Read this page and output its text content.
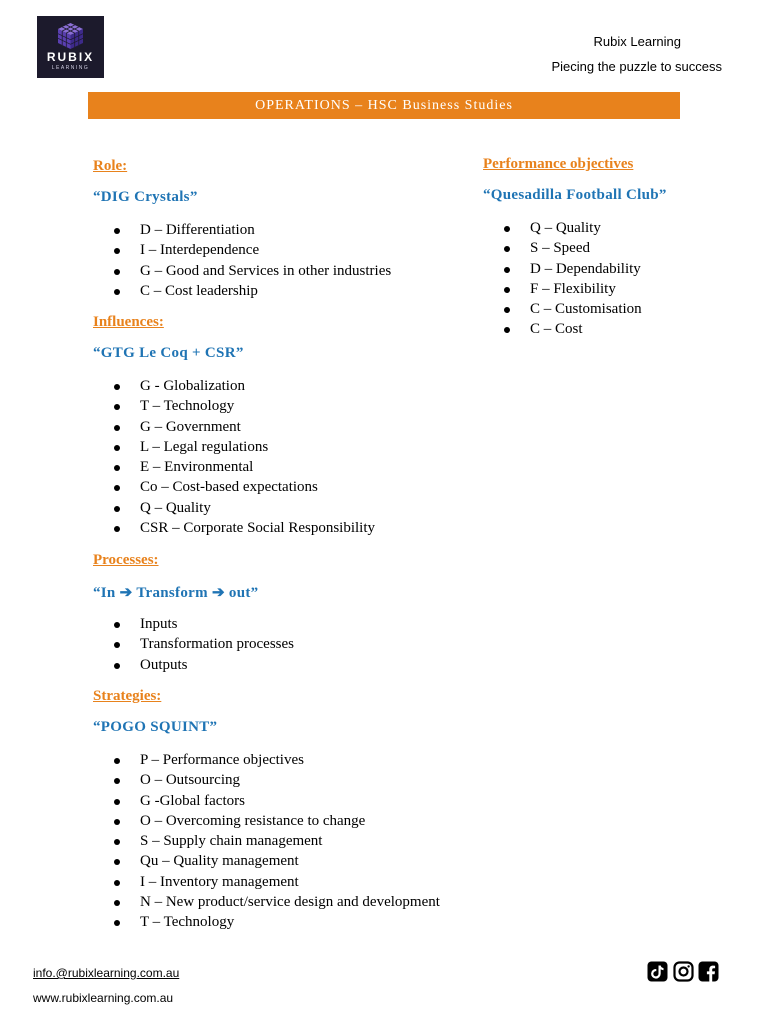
RUBIX
LEARNING
Rubix Learning
Piecing the puzzle to success
OPERATIONS – HSC Business Studies
Role:
“DIG Crystals”
D – Differentiation
I – Interdependence
G – Good and Services in other industries
C – Cost leadership
Influences:
“GTG Le Coq + CSR”
G - Globalization
T – Technology
G – Government
L – Legal regulations
E – Environmental
Co – Cost-based expectations
Q – Quality
CSR – Corporate Social Responsibility
Processes:
“In ➔ Transform ➔ out”
Inputs
Transformation processes
Outputs
Strategies:
“POGO SQUINT”
P – Performance objectives
O – Outsourcing
G -Global factors
O – Overcoming resistance to change
S – Supply chain management
Qu – Quality management
I – Inventory management
N – New product/service design and development
T – Technology
Performance objectives
“Quesadilla Football Club”
Q – Quality
S – Speed
D – Dependability
F – Flexibility
C – Customisation
C – Cost
info.@rubixlearning.com.au
www.rubixlearning.com.au
